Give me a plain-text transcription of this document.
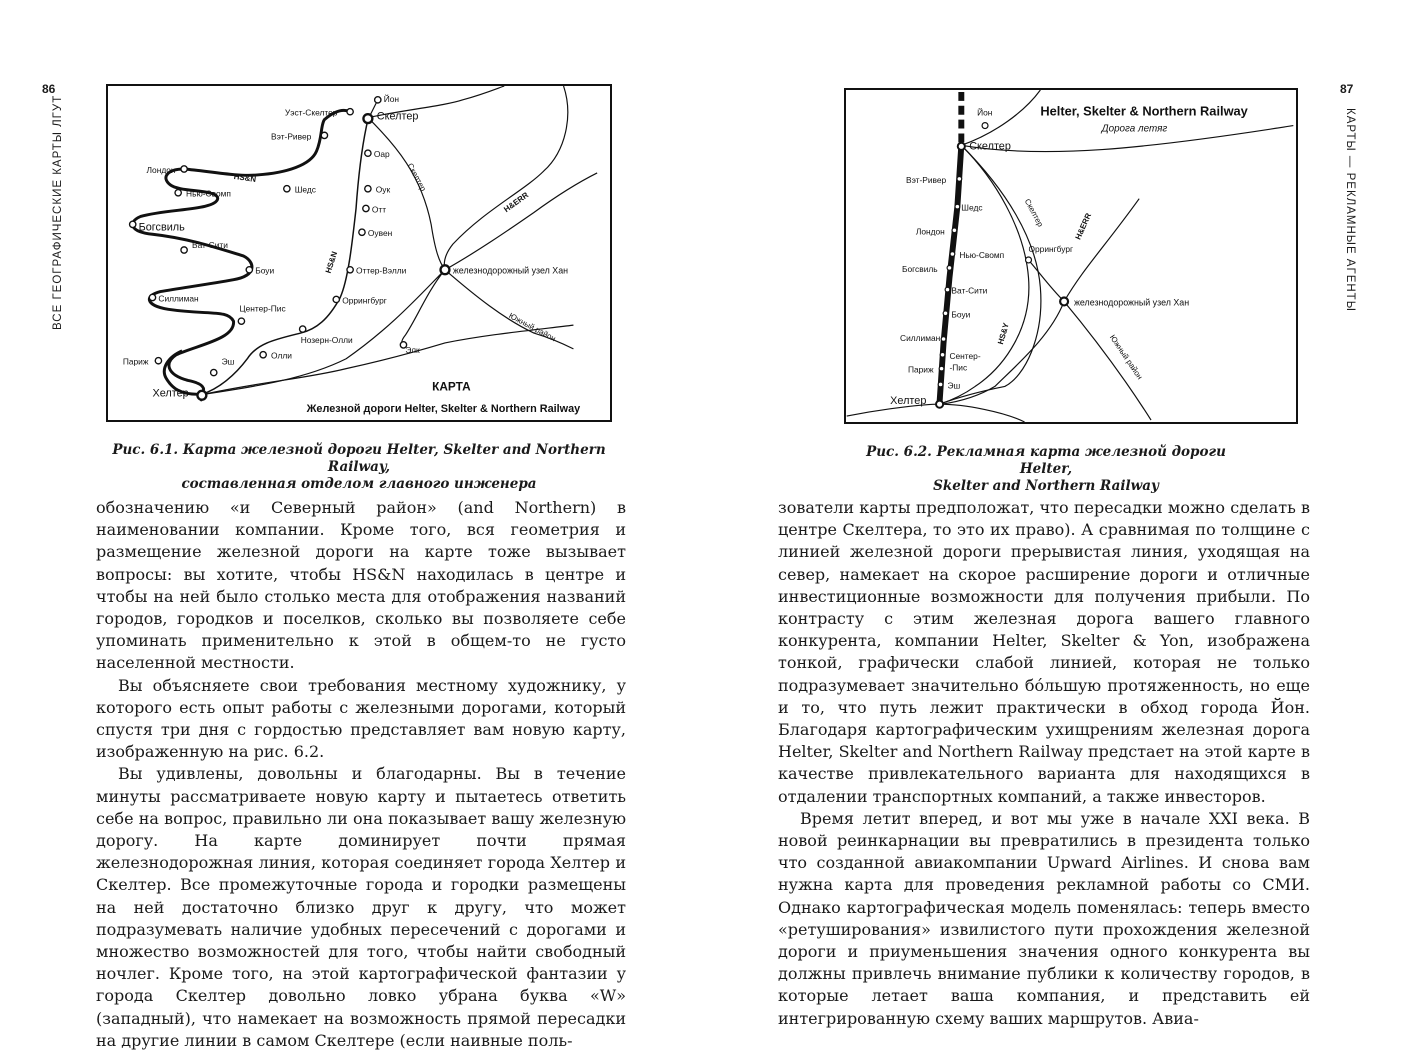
86
ВСЕ ГЕОГРАФИЧЕСКИЕ КАРТЫ ЛГУТ	Йон
Уэст-Скелтер	Скелтер
Вэт-Ривер
Оар
Лондон
Нью-Свомп	Шедс	Оук
Отт
Богсвиль	Оувен
Ват-Сити
Боуи	Оттер-Вэлли	железнодорожный узел Хан
Силлиман	Оррингбург
Центер-Пис
Нозерн-Олли
Элк
Париж
Олли
Эш
Хелтер
HS&N
HS&N
Скелтер
H&ERR
Южный район
КАРТА
Железной дороги Helter, Skelter & Northern Railway
Рис. 6.1. Карта железной дороги Helter, Skelter and Northern Railway,
составленная отделом главного инженера

обозначению «и Северный район» (and Northern) в наименовании компании. Кроме того, вся геометрия и размещение железной дороги на карте тоже вызывает вопросы: вы хотите, чтобы HS&N находилась в центре и чтобы на ней было столько места для отображения названий городов, городков и поселков, сколько вы позволяете себе упоминать применительно к этой в общем-то не густо населенной местности.

Вы объясняете свои требования местному художнику, у которого есть опыт работы с железными дорогами, который спустя три дня с гордостью представляет вам новую карту, изображенную на рис. 6.2.

Вы удивлены, довольны и благодарны. Вы в течение минуты рассматриваете новую карту и пытаетесь ответить себе на вопрос, правильно ли она показывает вашу железную дорогу. На карте доминирует почти прямая железнодорожная линия, которая соединяет города Хелтер и Скелтер. Все промежуточные города и городки размещены на ней достаточно близко друг к другу, что может подразумевать наличие удобных пересечений с дорогами и множество возможностей для того, чтобы найти свободный ночлег. Кроме того, на этой картографической фантазии у города Скелтер довольно ловко убрана буква «W» (западный), что намекает на возможность прямой пересадки на другие линии в самом Скелтере (если наивные поль-

87
КАРТЫ — РЕКЛАМНЫЕ АГЕНТЫ
Йон
Скелтер
Вэт-Ривер
Шедс
Лондон
Нью-Свомп
Богсвиль
Ват-Сити
Боуи
Силлиман
Сентер-
-Пис
Париж
Эш
Хелтер
Оррингбург
железнодорожный узел Хан
Скелтер	H&ERR
HS&Y	Южный район
Helter, Skelter & Northern Railway
Дорога летяг
Рис. 6.2. Рекламная карта железной дороги Helter,
Skelter and Northern Railway

зователи карты предположат, что пересадки можно сделать в центре Скелтера, то это их право). А сравнимая по толщине с линией железной дороги прерывистая линия, уходящая на север, намекает на скорое расширение дороги и отличные инвестиционные возможности для получения прибыли. По контрасту с этим железная дорога вашего главного конкурента, компании Helter, Skelter & Yon, изображена тонкой, графически слабой линией, которая не только подразумевает значительно бо́льшую протяженность, но еще и то, что путь лежит практически в обход города Йон. Благодаря картографическим ухищрениям железная дорога Helter, Skelter and Northern Railway предстает на этой карте в качестве привлекательного варианта для находящихся в отдалении транспортных компаний, а также инвесторов.

Время летит вперед, и вот мы уже в начале XXI века. В новой реинкарнации вы превратились в президента только что созданной авиакомпании Upward Airlines. И снова вам нужна карта для проведения рекламной работы со СМИ. Однако картографическая модель поменялась: теперь вместо «ретуширования» извилистого пути прохождения железной дороги и приуменьшения значения одного конкурента вы должны привлечь внимание публики к количеству городов, в которые летает ваша компания, и представить ей интегрированную схему ваших маршрутов. Авиа-
